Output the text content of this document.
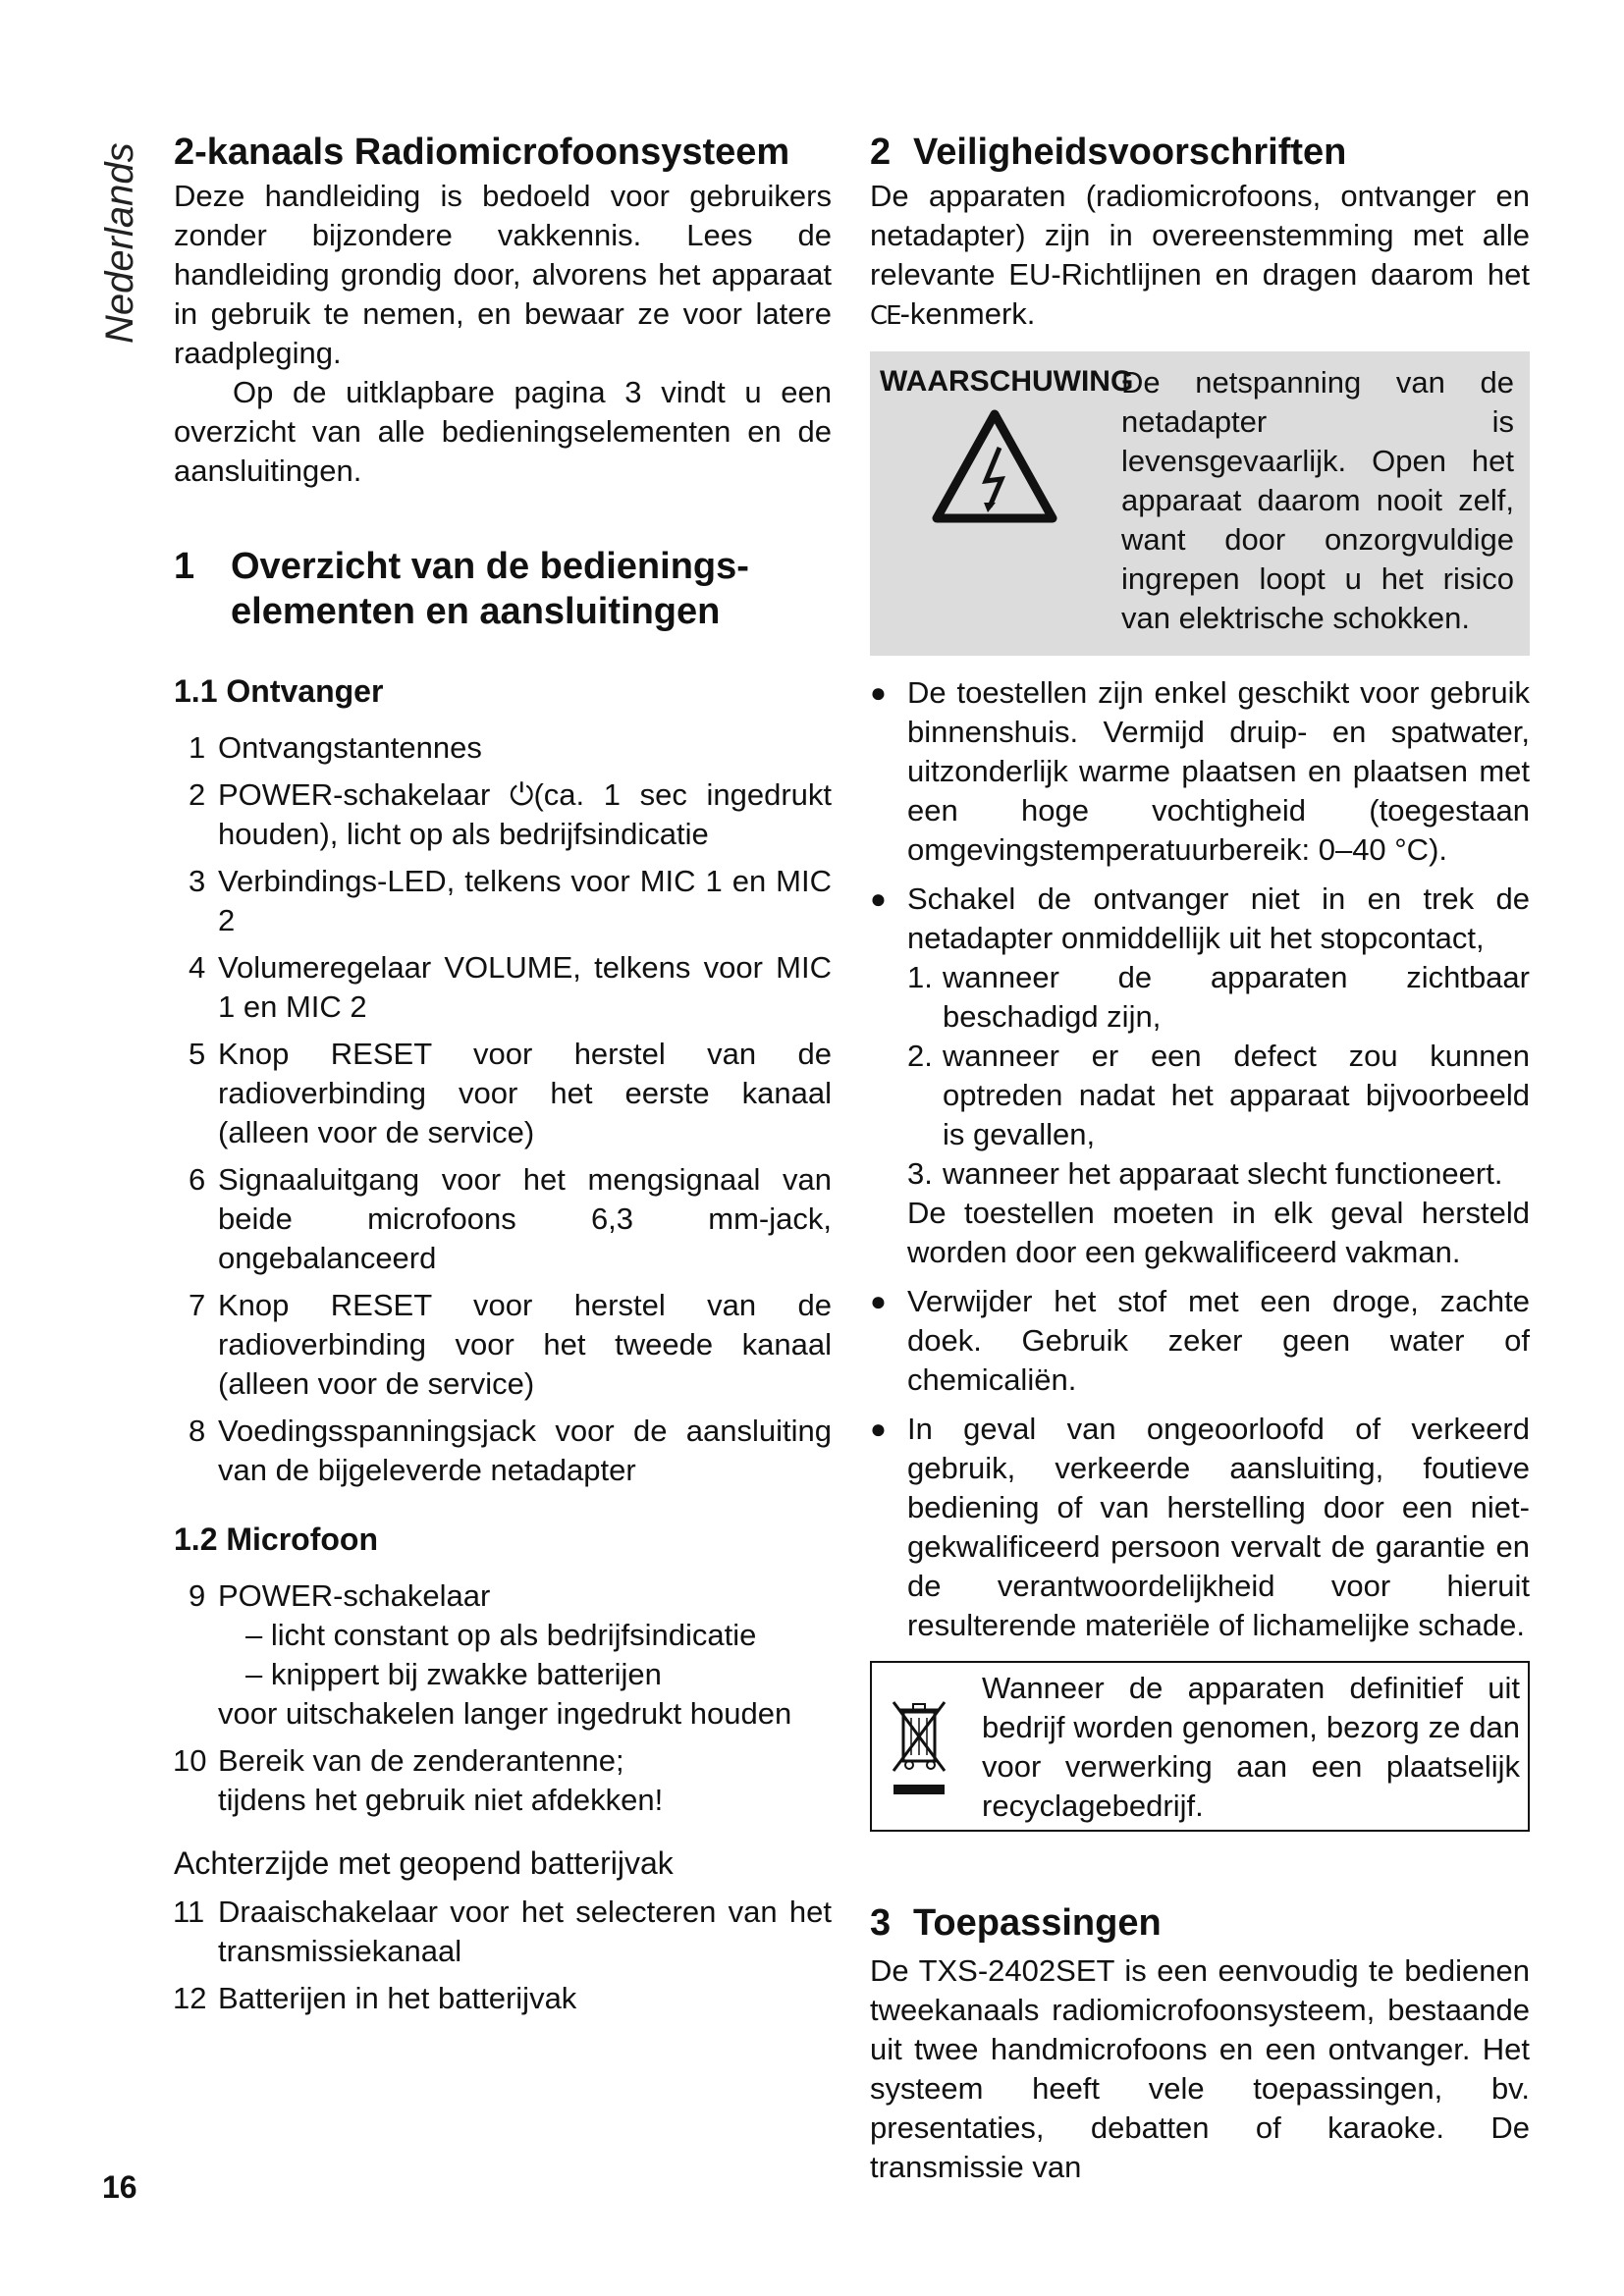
Nederlands
16
2-kanaals Radiomicrofoonsysteem

Deze handleiding is bedoeld voor gebruikers zonder bijzondere vakkennis. Lees de handleiding grondig door, alvorens het apparaat in gebruik te nemen, en bewaar ze voor latere raadpleging.

Op de uitklapbare pagina 3 vindt u een overzicht van alle bedieningselementen en de aansluitingen.

1 Overzicht van de bedienings-elementen en aansluitingen
1.1 Ontvanger
1 Ontvangstantennes
2 POWER-schakelaar ⏻(ca. 1 sec ingedrukt houden), licht op als bedrijfsindicatie
3 Verbindings-LED, telkens voor MIC 1 en MIC 2
4 Volumeregelaar VOLUME, telkens voor MIC 1 en MIC 2
5 Knop RESET voor herstel van de radioverbinding voor het eerste kanaal (alleen voor de service)
6 Signaaluitgang voor het mengsignaal van beide microfoons 6,3 mm-jack, ongebalanceerd
7 Knop RESET voor herstel van de radioverbinding voor het tweede kanaal (alleen voor de service)
8 Voedingsspanningsjack voor de aansluiting van de bijgeleverde netadapter
1.2 Microfoon
9 POWER-schakelaar
– licht constant op als bedrijfsindicatie
– knippert bij zwakke batterijen
voor uitschakelen langer ingedrukt houden
10 Bereik van de zenderantenne;
tijdens het gebruik niet afdekken!
Achterzijde met geopend batterijvak
11 Draaischakelaar voor het selecteren van het transmissiekanaal
12 Batterijen in het batterijvak
2 Veiligheidsvoorschriften

De apparaten (radiomicrofoons, ontvanger en netadapter) zijn in overeenstemming met alle relevante EU-Richtlijnen en dragen daarom het CE-kenmerk.

WAARSCHUWING
De netspanning van de netadapter is levensgevaarlijk. Open het apparaat daarom nooit zelf, want door onzorgvuldige ingrepen loopt u het risico van elektrische schokken.
● De toestellen zijn enkel geschikt voor gebruik binnenshuis. Vermijd druip- en spatwater, uitzonderlijk warme plaatsen en plaatsen met een hoge vochtigheid (toegestaan omgevingstemperatuurbereik: 0–40 °C).
● Schakel de ontvanger niet in en trek de netadapter onmiddellijk uit het stopcontact,
1. wanneer de apparaten zichtbaar beschadigd zijn,
2. wanneer er een defect zou kunnen optreden nadat het apparaat bijvoorbeeld is gevallen,
3. wanneer het apparaat slecht functioneert.
De toestellen moeten in elk geval hersteld worden door een gekwalificeerd vakman.
● Verwijder het stof met een droge, zachte doek. Gebruik zeker geen water of chemicaliën.
● In geval van ongeoorloofd of verkeerd gebruik, verkeerde aansluiting, foutieve bediening of van herstelling door een niet-gekwalificeerd persoon vervalt de garantie en de verantwoordelijkheid voor hieruit resulterende materiële of lichamelijke schade.
Wanneer de apparaten definitief uit bedrijf worden genomen, bezorg ze dan voor verwerking aan een plaatselijk recyclagebedrijf.
3 Toepassingen

De TXS-2402SET is een eenvoudig te bedienen tweekanaals radiomicrofoonsysteem, bestaande uit twee handmicrofoons en een ontvanger. Het systeem heeft vele toepassingen, bv. presentaties, debatten of karaoke. De transmissie van
